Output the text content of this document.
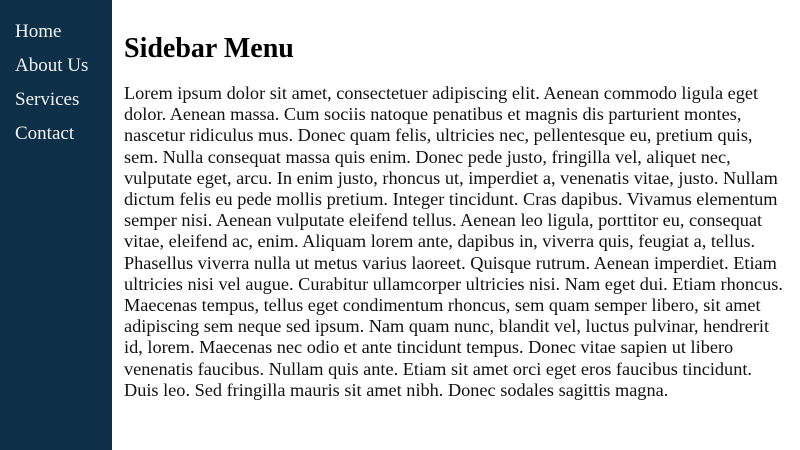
Home
About Us
Services
Contact
Sidebar Menu

Lorem ipsum dolor sit amet, consectetuer adipiscing elit. Aenean commodo ligula eget dolor. Aenean massa. Cum sociis natoque penatibus et magnis dis parturient montes, nascetur ridiculus mus. Donec quam felis, ultricies nec, pellentesque eu, pretium quis, sem. Nulla consequat massa quis enim. Donec pede justo, fringilla vel, aliquet nec, vulputate eget, arcu. In enim justo, rhoncus ut, imperdiet a, venenatis vitae, justo. Nullam dictum felis eu pede mollis pretium. Integer tincidunt. Cras dapibus. Vivamus elementum semper nisi. Aenean vulputate eleifend tellus. Aenean leo ligula, porttitor eu, consequat vitae, eleifend ac, enim. Aliquam lorem ante, dapibus in, viverra quis, feugiat a, tellus. Phasellus viverra nulla ut metus varius laoreet. Quisque rutrum. Aenean imperdiet. Etiam ultricies nisi vel augue. Curabitur ullamcorper ultricies nisi. Nam eget dui. Etiam rhoncus. Maecenas tempus, tellus eget condimentum rhoncus, sem quam semper libero, sit amet adipiscing sem neque sed ipsum. Nam quam nunc, blandit vel, luctus pulvinar, hendrerit id, lorem. Maecenas nec odio et ante tincidunt tempus. Donec vitae sapien ut libero venenatis faucibus. Nullam quis ante. Etiam sit amet orci eget eros faucibus tincidunt. Duis leo. Sed fringilla mauris sit amet nibh. Donec sodales sagittis magna.
